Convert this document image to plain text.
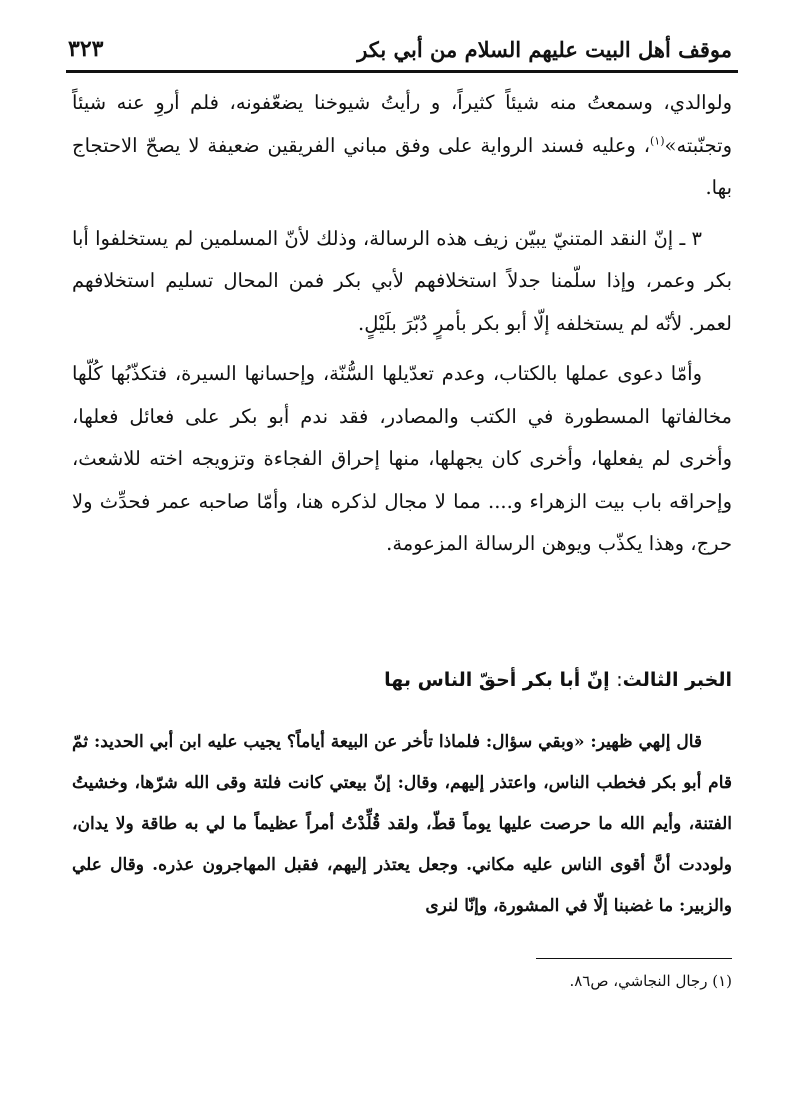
موقف أهل البيت عليهم السلام من أبي بكر
٣٢٣

ولوالدي، وسمعتُ منه شيئاً كثيراً، و رأيتُ شيوخنا يضعّفونه، فلم أروِ عنه شيئاً وتجنّبته»$^{(١)}$، وعليه فسند الرواية على وفق مباني الفريقين ضعيفة لا يصحّ الاحتجاج بها.

٣ ـ إنّ النقد المتنيّ يبيّن زيف هذه الرسالة، وذلك لأنّ المسلمين لم يستخلفوا أبا بكر وعمر، وإذا سلّمنا جدلاً استخلافهم لأبي بكر فمن المحال تسليم استخلافهم لعمر. لأنّه لم يستخلفه إلّا أبو بكر بأمرٍ دُبّرَ بلَيْلٍ.

وأمّا دعوى عملها بالكتاب، وعدم تعدّيلها السُّنّة، وإحسانها السيرة، فتكذّبُها كُلّها مخالفاتها المسطورة في الكتب والمصادر، فقد ندم أبو بكر على فعائل فعلها، وأخرى لم يفعلها، وأخرى كان يجهلها، منها إحراق الفجاءة وتزويجه اخته للاشعث، وإحراقه باب بيت الزهراء و.... مما لا مجال لذكره هنا، وأمّا صاحبه عمر فحدِّث ولا حرج، وهذا يكذّب ويوهن الرسالة المزعومة.

الخبر الثالث: إنّ أبا بكر أحقّ الناس بها

قال إلهي ظهير: «وبقي سؤال: فلماذا تأخر عن البيعة أياماً؟ يجيب عليه ابن أبي الحديد: ثمّ قام أبو بكر فخطب الناس، واعتذر إليهم، وقال: إنّ بيعتي كانت فلتة وقى الله شرّها، وخشيتُ الفتنة، وأيم الله ما حرصت عليها يوماً قطّ، ولقد قُلِّدْتُ أمراً عظيماً ما لي به طاقة ولا يدان، ولوددت أنَّ أقوى الناس عليه مكاني. وجعل يعتذر إليهم، فقبل المهاجرون عذره. وقال علي والزبير: ما غضبنا إلّا في المشورة، وإنّا لنرى

(١) رجال النجاشي، ص٨٦.
